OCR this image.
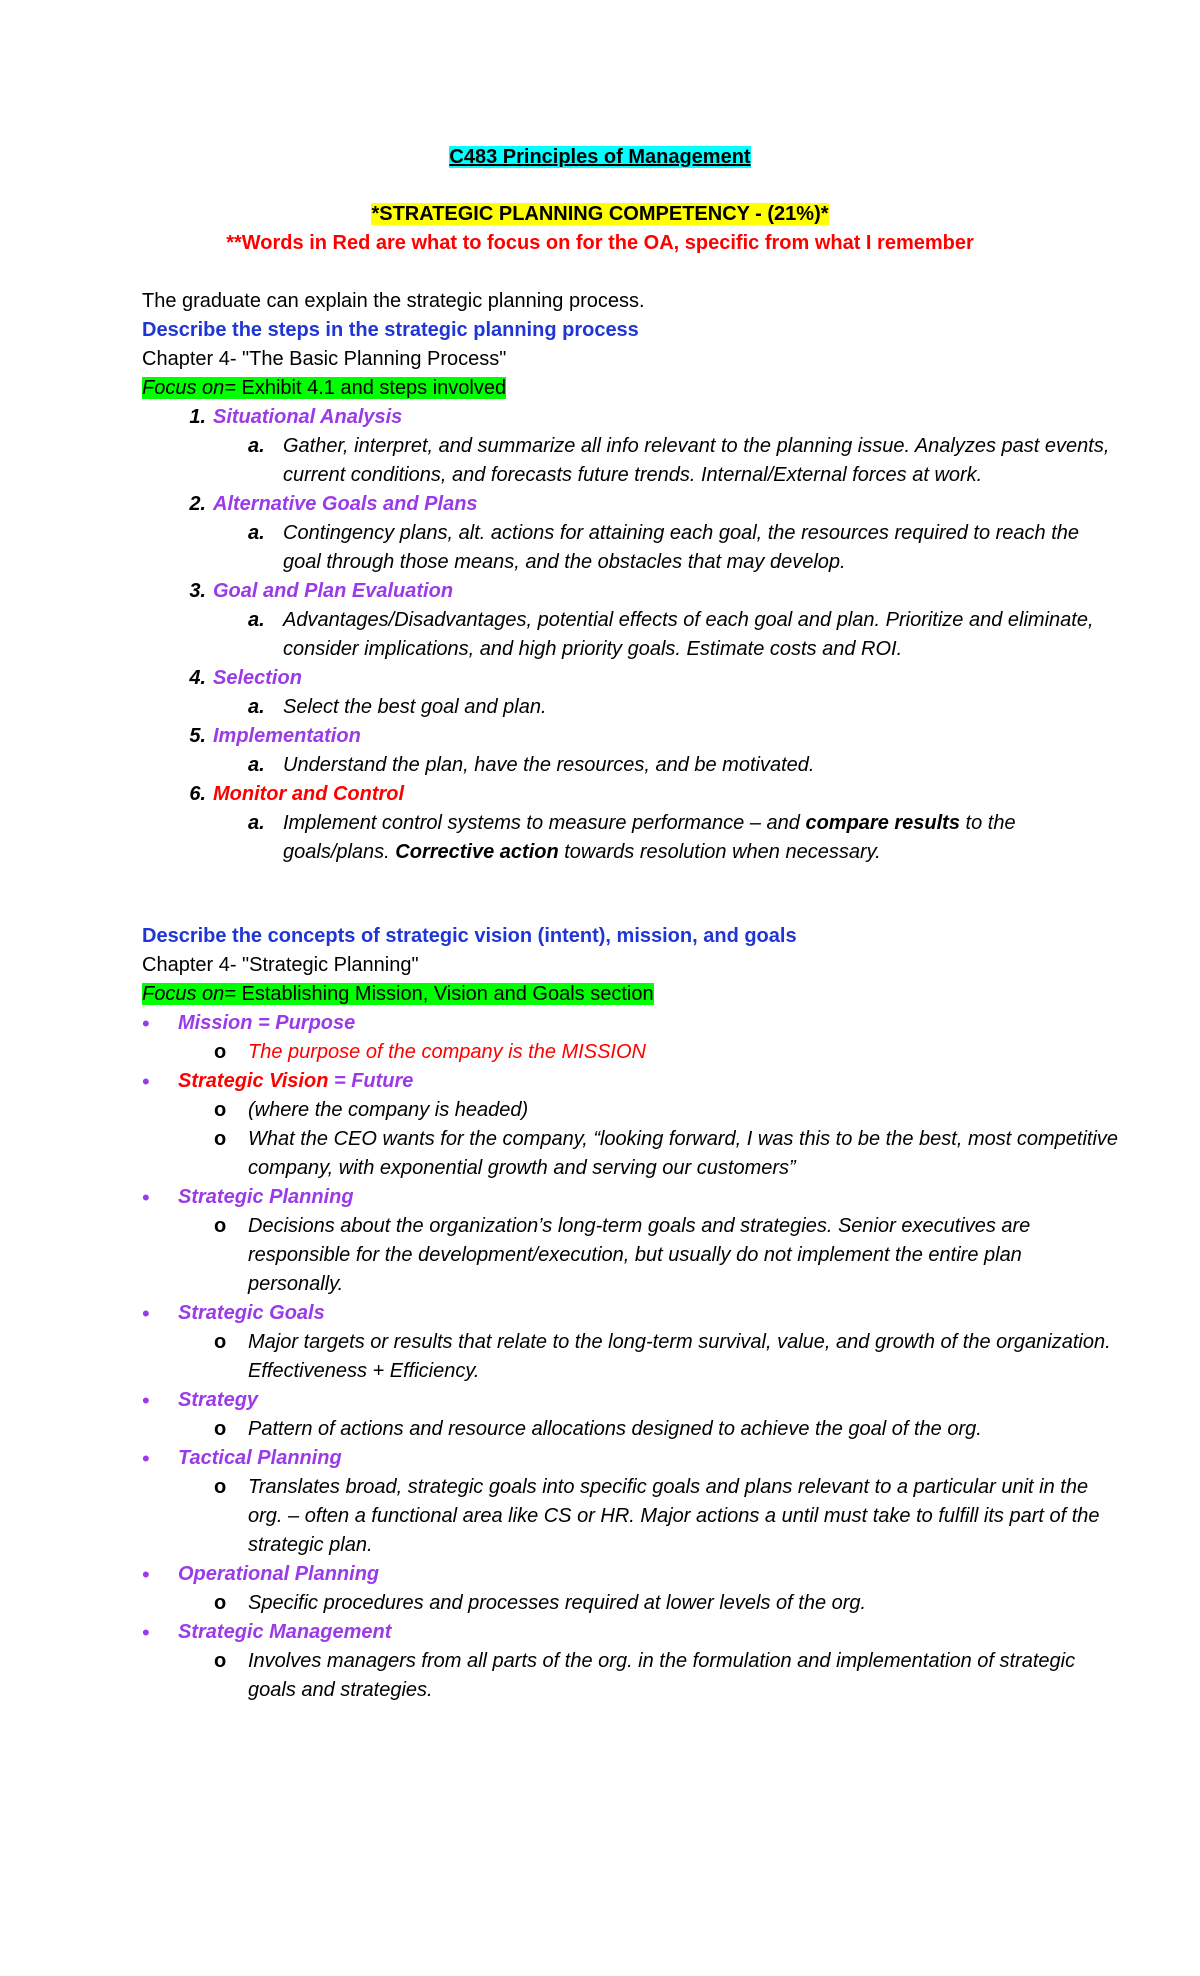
C483 Principles of Management
*STRATEGIC PLANNING COMPETENCY - (21%)*
**Words in Red are what to focus on for the OA, specific from what I remember
The graduate can explain the strategic planning process.
Describe the steps in the strategic planning process
Chapter 4- "The Basic Planning Process"
Focus on= Exhibit 4.1 and steps involved
1. Situational Analysis
a. Gather, interpret, and summarize all info relevant to the planning issue. Analyzes past events, current conditions, and forecasts future trends. Internal/External forces at work.
2. Alternative Goals and Plans
a. Contingency plans, alt. actions for attaining each goal, the resources required to reach the goal through those means, and the obstacles that may develop.
3. Goal and Plan Evaluation
a. Advantages/Disadvantages, potential effects of each goal and plan. Prioritize and eliminate, consider implications, and high priority goals. Estimate costs and ROI.
4. Selection
a. Select the best goal and plan.
5. Implementation
a. Understand the plan, have the resources, and be motivated.
6. Monitor and Control
a. Implement control systems to measure performance – and compare results to the goals/plans. Corrective action towards resolution when necessary.
Describe the concepts of strategic vision (intent), mission, and goals
Chapter 4- "Strategic Planning"
Focus on= Establishing Mission, Vision and Goals section
• Mission = Purpose
o The purpose of the company is the MISSION
• Strategic Vision = Future
o (where the company is headed)
o What the CEO wants for the company, “looking forward, I was this to be the best, most competitive company, with exponential growth and serving our customers”
• Strategic Planning
o Decisions about the organization’s long-term goals and strategies. Senior executives are responsible for the development/execution, but usually do not implement the entire plan personally.
• Strategic Goals
o Major targets or results that relate to the long-term survival, value, and growth of the organization. Effectiveness + Efficiency.
• Strategy
o Pattern of actions and resource allocations designed to achieve the goal of the org.
• Tactical Planning
o Translates broad, strategic goals into specific goals and plans relevant to a particular unit in the org. – often a functional area like CS or HR. Major actions a until must take to fulfill its part of the strategic plan.
• Operational Planning
o Specific procedures and processes required at lower levels of the org.
• Strategic Management
o Involves managers from all parts of the org. in the formulation and implementation of strategic goals and strategies.
